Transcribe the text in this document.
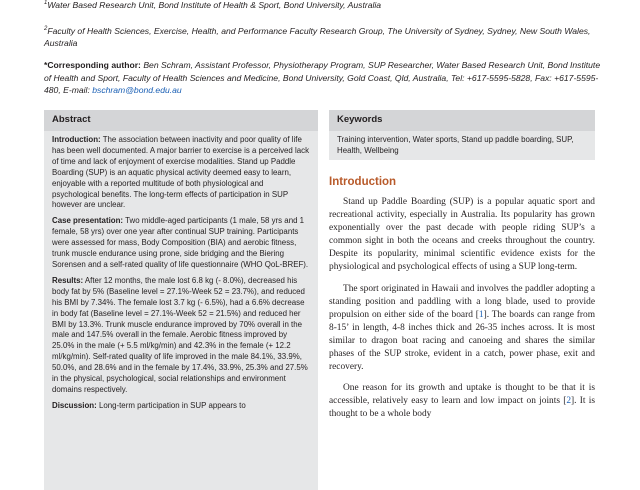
$^1$Water Based Research Unit, Bond Institute of Health & Sport, Bond University, Australia
$^2$Faculty of Health Sciences, Exercise, Health, and Performance Faculty Research Group, The University of Sydney, Sydney, New South Wales, Australia
*Corresponding author: Ben Schram, Assistant Professor, Physiotherapy Program, SUP Researcher, Water Based Research Unit, Bond Institute of Health and Sport, Faculty of Health Sciences and Medicine, Bond University, Gold Coast, Qld, Australia, Tel: +617-5595-5828, Fax: +617-5595-480, E-mail: bschram@bond.edu.au
Abstract

Introduction: The association between inactivity and poor quality of life has been well documented. A major barrier to exercise is a perceived lack of time and lack of enjoyment of exercise modalities. Stand up Paddle Boarding (SUP) is an aquatic physical activity deemed easy to learn, enjoyable with a reported multitude of both physiological and psychological benefits. The long-term effects of participation in SUP however are unclear.

Case presentation: Two middle-aged participants (1 male, 58 yrs and 1 female, 58 yrs) over one year after continual SUP training. Participants were assessed for mass, Body Composition (BIA) and aerobic fitness, trunk muscle endurance using prone, side bridging and the Biering Sorensen and a self-rated quality of life questionnaire (WHO QoL-BREF).

Results: After 12 months, the male lost 6.8 kg (- 8.0%), decreased his body fat by 5% (Baseline level = 27.1%-Week 52 = 23.7%), and reduced his BMI by 7.34%. The female lost 3.7 kg (- 6.5%), had a 6.6% decrease in body fat (Baseline level = 27.1%-Week 52 = 21.5%) and reduced her BMI by 13.3%. Trunk muscle endurance improved by 70% overall in the male and 147.5% overall in the female. Aerobic fitness improved by 25.0% in the male (+ 5.5 ml/kg/min) and 42.3% in the female (+ 12.2 ml/kg/min). Self-rated quality of life improved in the male 84.1%, 33.9%, 50.0%, and 28.6% and in the female by 17.4%, 33.9%, 25.3% and 27.5% in the physical, psychological, social relationships and environment domains respectively.

Discussion: Long-term participation in SUP appears to

Keywords
Training intervention, Water sports, Stand up paddle boarding, SUP, Health, Wellbeing
Introduction

Stand up Paddle Boarding (SUP) is a popular aquatic sport and recreational activity, especially in Australia. Its popularity has grown exponentially over the past decade with people riding SUP’s a common sight in both the oceans and creeks throughout the country. Despite its popularity, minimal scientific evidence exists for the physiological and psychological effects of using a SUP long-term.

The sport originated in Hawaii and involves the paddler adopting a standing position and paddling with a long blade, used to provide propulsion on either side of the board [1]. The boards can range from 8-15’ in length, 4-8 inches thick and 26-35 inches across. It is most similar to dragon boat racing and canoeing and shares the similar phases of the SUP stroke, evident in a catch, power phase, exit and recovery.

One reason for its growth and uptake is thought to be that it is accessible, relatively easy to learn and low impact on joints [2]. It is thought to be a whole body
